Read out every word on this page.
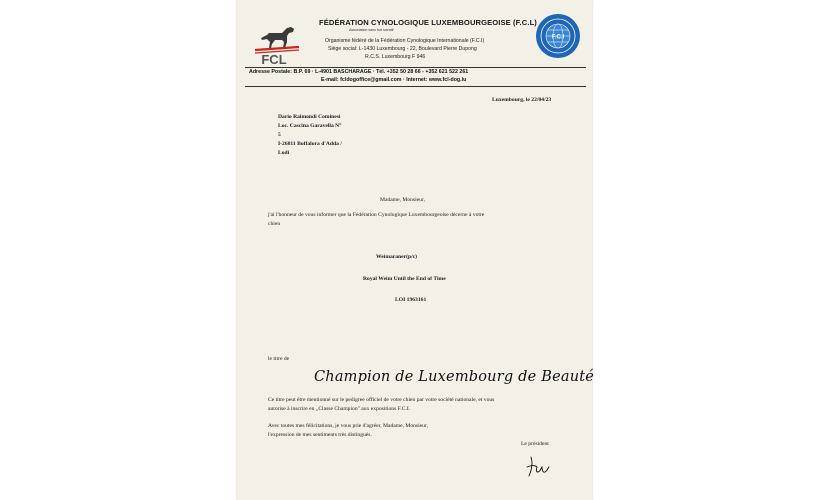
FCL
FÉDÉRATION CYNOLOGIQUE LUXEMBOURGEOISE (F.C.L)
Association sans but lucratif
Organisme fédéré de la Fédération Cynologique Internationale (F.C.I)
Siège social: L-1430 Luxembourg - 22, Boulevard Pierre Dupong
R.C.S. Luxembourg F 946
F.C.I
Adresse Postale: B.P. 69 · L-4901 BASCHARAGE · Tél. +352 50 28 66 - +352 621 522 261
E-mail: fcldogoffice@gmail.com · Internet: www.fcl-dog.lu
Luxembourg, le 22/04/23
Dario Raimondi Cominesi
Loc. Cascina Garavella N°
5
I-26811 Boffalora d'Adda /
Lodi
Madame, Monsieur,
j'ai l'honneur de vous informer que la Fédération Cynologique Luxembourgeoise décerne à votre
chien
Weimaraner(p/c)
Royal Weim Until the End of Time
LOI 1963161
le titre de
Champion de Luxembourg de Beauté
Ce titre peut être mentionné sur le pedigree officiel de votre chien par votre société nationale, et vous
autorise à inscrire en „Classe Champion" aux expositions F.C.I.
Avec toutes mes félicitations, je vous prie d'agréer, Madame, Monsieur,
l'expression de mes sentiments très distingués.
Le président
